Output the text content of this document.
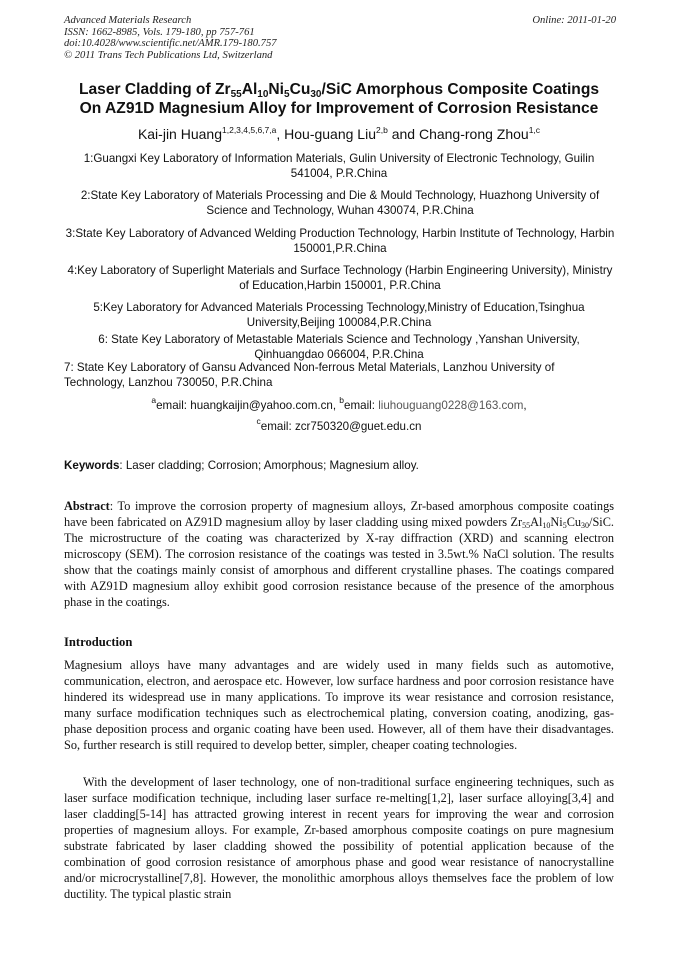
Advanced Materials Research	Online: 2011-01-20
ISSN: 1662-8985, Vols. 179-180, pp 757-761
doi:10.4028/www.scientific.net/AMR.179-180.757
© 2011 Trans Tech Publications Ltd, Switzerland
Laser Cladding of $Zr_{55}Al_{10}Ni_5Cu_{30}$/SiC Amorphous Composite Coatings
On AZ91D Magnesium Alloy for Improvement of Corrosion Resistance
Kai-jin Huang$^{1,2,3,4,5,6,7,a}$, Hou-guang Liu$^{2,b}$ and Chang-rong Zhou$^{1,c}$
1:Guangxi Key Laboratory of Information Materials, Gulin University of Electronic Technology, Guilin 541004, P.R.China
2:State Key Laboratory of Materials Processing and Die & Mould Technology, Huazhong University of Science and Technology, Wuhan 430074, P.R.China
3:State Key Laboratory of Advanced Welding Production Technology, Harbin Institute of Technology, Harbin 150001,P.R.China
4:Key Laboratory of Superlight Materials and Surface Technology (Harbin Engineering University), Ministry of Education,Harbin 150001, P.R.China
5:Key Laboratory for Advanced Materials Processing Technology,Ministry of Education,Tsinghua University,Beijing 100084,P.R.China
6: State Key Laboratory of Metastable Materials Science and Technology ,Yanshan University, Qinhuangdao 066004, P.R.China
7: State Key Laboratory of Gansu Advanced Non-ferrous Metal Materials, Lanzhou University of Technology, Lanzhou 730050, P.R.China
$^a$email: huangkaijin@yahoo.com.cn, $^b$email: liuhouguang0228@163.com,
$^c$email: zcr750320@guet.edu.cn
Keywords: Laser cladding; Corrosion; Amorphous; Magnesium alloy.
Abstract: To improve the corrosion property of magnesium alloys, Zr-based amorphous composite coatings have been fabricated on AZ91D magnesium alloy by laser cladding using mixed powders $Zr_{55}Al_{10}Ni_5Cu_{30}$/SiC. The microstructure of the coating was characterized by X-ray diffraction (XRD) and scanning electron microscopy (SEM). The corrosion resistance of the coatings was tested in 3.5wt.% NaCl solution. The results show that the coatings mainly consist of amorphous and different crystalline phases. The coatings compared with AZ91D magnesium alloy exhibit good corrosion resistance because of the presence of the amorphous phase in the coatings.
Introduction
Magnesium alloys have many advantages and are widely used in many fields such as automotive, communication, electron, and aerospace etc. However, low surface hardness and poor corrosion resistance have hindered its widespread use in many applications. To improve its wear resistance and corrosion resistance, many surface modification techniques such as electrochemical plating, conversion coating, anodizing, gas-phase deposition process and organic coating have been used. However, all of them have their disadvantages. So, further research is still required to develop better, simpler, cheaper coating technologies.
With the development of laser technology, one of non-traditional surface engineering techniques, such as laser surface modification technique, including laser surface re-melting[1,2], laser surface alloying[3,4] and laser cladding[5-14] has attracted growing interest in recent years for improving the wear and corrosion properties of magnesium alloys. For example, Zr-based amorphous composite coatings on pure magnesium substrate fabricated by laser cladding showed the possibility of potential application because of the combination of good corrosion resistance of amorphous phase and good wear resistance of nanocrystalline and/or microcrystalline[7,8]. However, the monolithic amorphous alloys themselves face the problem of low ductility. The typical plastic strain
